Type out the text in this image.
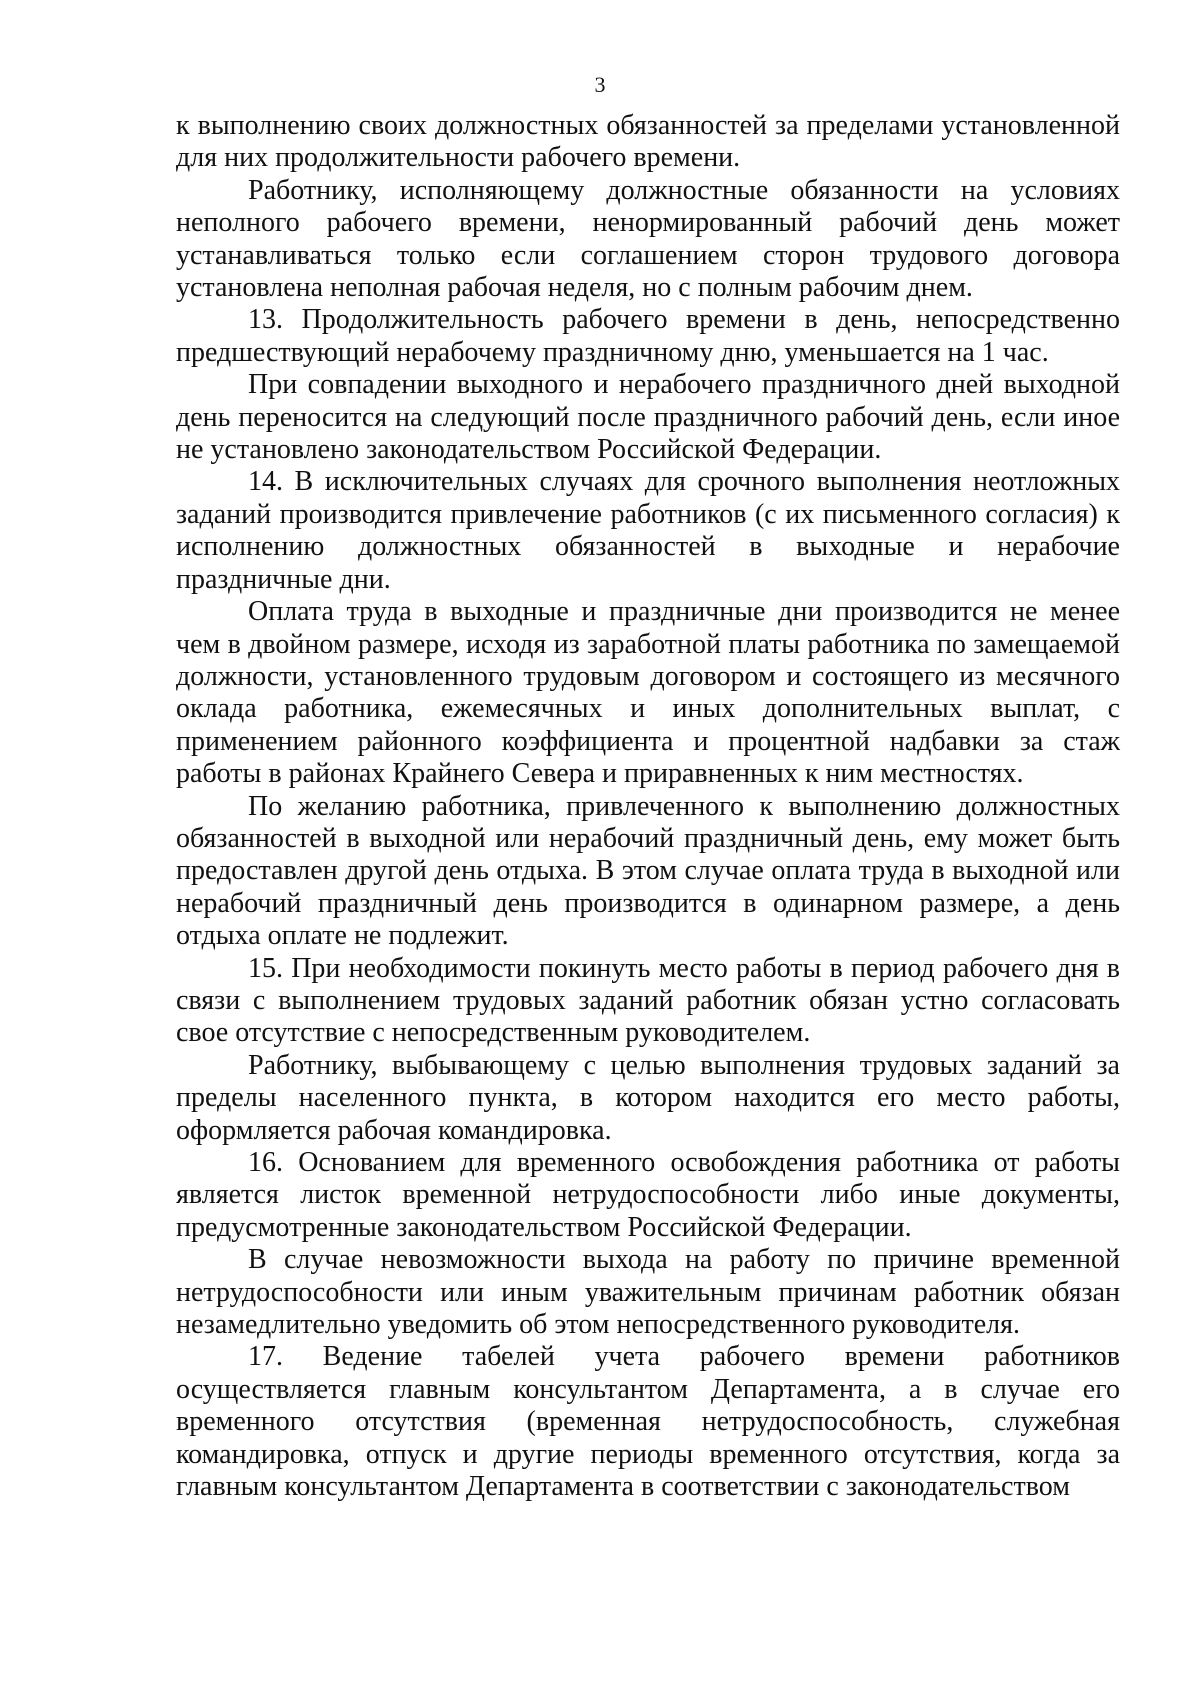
3

к выполнению своих должностных обязанностей за пределами установленной для них продолжительности рабочего времени.

Работнику, исполняющему должностные обязанности на условиях неполного рабочего времени, ненормированный рабочий день может устанавливаться только если соглашением сторон трудового договора установлена неполная рабочая неделя, но с полным рабочим днем.

13. Продолжительность рабочего времени в день, непосредственно предшествующий нерабочему праздничному дню, уменьшается на 1 час.

При совпадении выходного и нерабочего праздничного дней выходной день переносится на следующий после праздничного рабочий день, если иное не установлено законодательством Российской Федерации.

14. В исключительных случаях для срочного выполнения неотложных заданий производится привлечение работников (с их письменного согласия) к исполнению должностных обязанностей в выходные и нерабочие праздничные дни.

Оплата труда в выходные и праздничные дни производится не менее чем в двойном размере, исходя из заработной платы работника по замещаемой должности, установленного трудовым договором и состоящего из месячного оклада работника, ежемесячных и иных дополнительных выплат, с применением районного коэффициента и процентной надбавки за стаж работы в районах Крайнего Севера и приравненных к ним местностях.

По желанию работника, привлеченного к выполнению должностных обязанностей в выходной или нерабочий праздничный день, ему может быть предоставлен другой день отдыха. В этом случае оплата труда в выходной или нерабочий праздничный день производится в одинарном размере, а день отдыха оплате не подлежит.

15. При необходимости покинуть место работы в период рабочего дня в связи с выполнением трудовых заданий работник обязан устно согласовать свое отсутствие с непосредственным руководителем.

Работнику, выбывающему с целью выполнения трудовых заданий за пределы населенного пункта, в котором находится его место работы, оформляется рабочая командировка.

16. Основанием для временного освобождения работника от работы является листок временной нетрудоспособности либо иные документы, предусмотренные законодательством Российской Федерации.

В случае невозможности выхода на работу по причине временной нетрудоспособности или иным уважительным причинам работник обязан незамедлительно уведомить об этом непосредственного руководителя.

17. Ведение табелей учета рабочего времени работников осуществляется главным консультантом Департамента, а в случае его временного отсутствия (временная нетрудоспособность, служебная командировка, отпуск и другие периоды временного отсутствия, когда за главным консультантом Департамента в соответствии с законодательством
